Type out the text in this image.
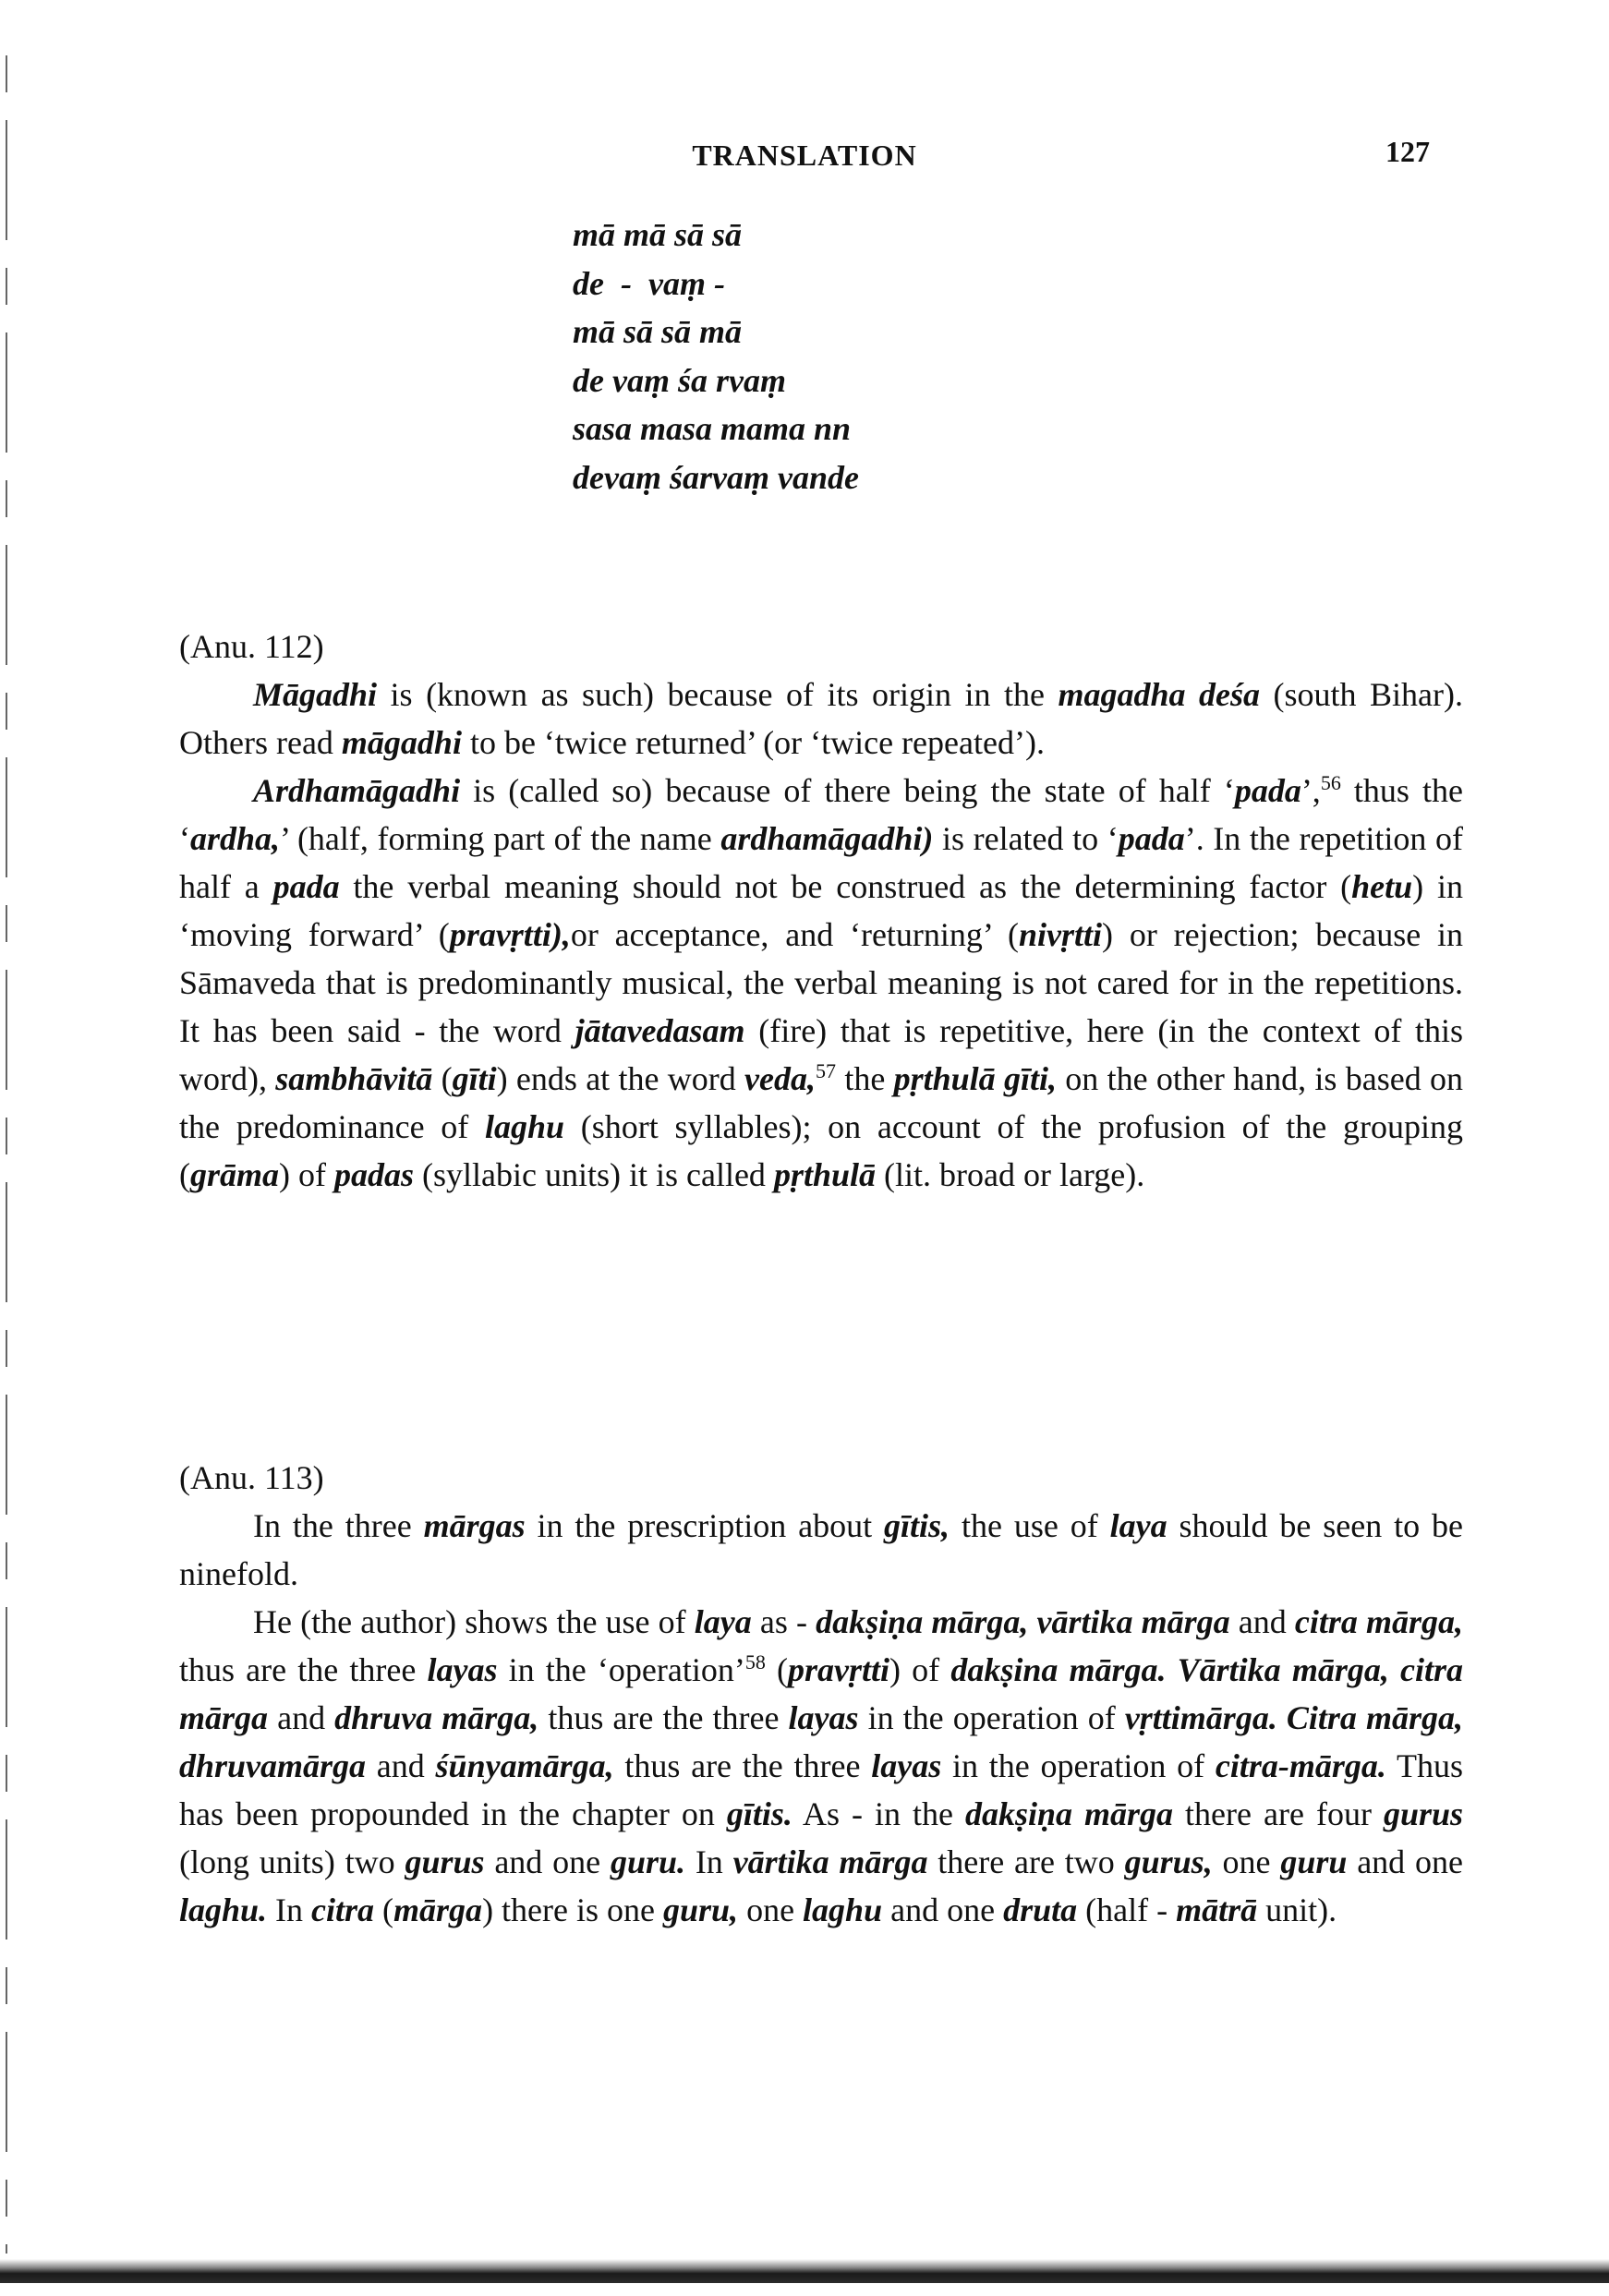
TRANSLATION	127
mā mā sā sā
de  -  vaṃ -
mā sā sā mā
de vaṃ śa rvaṃ
sasa masa mama nn
devaṃ śarvaṃ vande

(Anu. 112)

Māgadhi is (known as such) because of its origin in the magadha deśa (south Bihar). Others read māgadhi to be ‘twice returned’ (or ‘twice repeated’).

Ardhamāgadhi is (called so) because of there being the state of half ‘pada’,$^{56}$ thus the ‘ardha,’ (half, forming part of the name ardhamāgadhi) is related to ‘pada’. In the repetition of half a pada the verbal meaning should not be construed as the determining factor (hetu) in ‘moving forward’ (pravṛtti),or acceptance, and ‘returning’ (nivṛtti) or rejection; because in Sāmaveda that is predominantly musical, the verbal meaning is not cared for in the repetitions. It has been said - the word jātavedasam (fire) that is repetitive, here (in the context of this word), sambhāvitā (gīti) ends at the word veda,$^{57}$ the pṛthulā gīti, on the other hand, is based on the predominance of laghu (short syllables); on account of the profusion of the grouping (grāma) of padas (syllabic units) it is called pṛthulā (lit. broad or large).

(Anu. 113)

In the three mārgas in the prescription about gītis, the use of laya should be seen to be ninefold.

He (the author) shows the use of laya as - dakṣiṇa mārga, vārtika mārga and citra mārga, thus are the three layas in the ‘operation’$^{58}$ (pravṛtti) of dakṣina mārga. Vārtika mārga, citra mārga and dhruva mārga, thus are the three layas in the operation of vṛttimārga. Citra mārga, dhruvamārga and śūnyamārga, thus are the three layas in the operation of citra-mārga. Thus has been propounded in the chapter on gītis. As - in the dakṣiṇa mārga there are four gurus (long units) two gurus and one guru. In vārtika mārga there are two gurus, one guru and one laghu. In citra (mārga) there is one guru, one laghu and one druta (half - mātrā unit).
